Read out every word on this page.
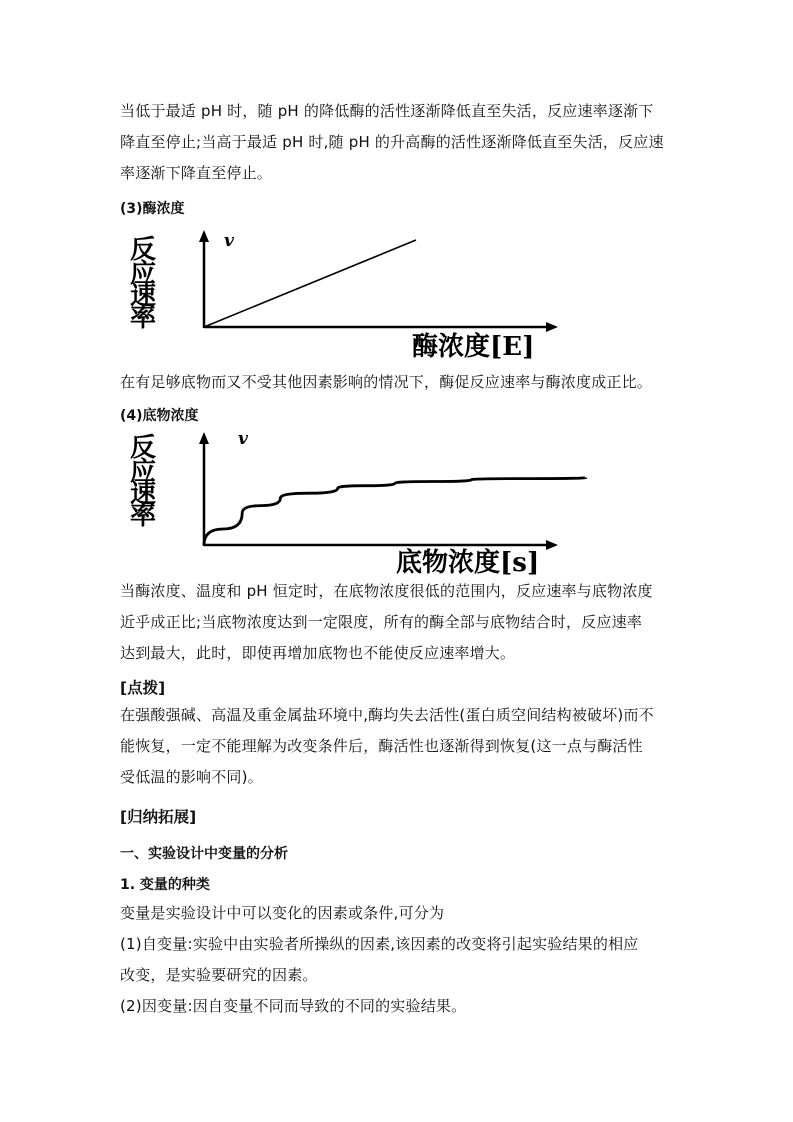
当低于最适 pH 时，随 pH 的降低酶的活性逐渐降低直至失活，反应速率逐渐下
降直至停止;当高于最适 pH 时,随 pH 的升高酶的活性逐渐降低直至失活，反应速
率逐渐下降直至停止。
(3)酶浓度
反
应
速
率
v
酶浓度[E]
在有足够底物而又不受其他因素影响的情况下，酶促反应速率与酶浓度成正比。
(4)底物浓度
反
应
速
率
v
底物浓度[s]
当酶浓度、温度和 pH 恒定时，在底物浓度很低的范围内，反应速率与底物浓度
近乎成正比;当底物浓度达到一定限度，所有的酶全部与底物结合时，反应速率
达到最大，此时，即使再增加底物也不能使反应速率增大。
[点拨]
在强酸强碱、高温及重金属盐环境中,酶均失去活性(蛋白质空间结构被破坏)而不
能恢复，一定不能理解为改变条件后，酶活性也逐渐得到恢复(这一点与酶活性
受低温的影响不同)。
[归纳拓展]
一、实验设计中变量的分析
1. 变量的种类
变量是实验设计中可以变化的因素或条件,可分为
(1)自变量:实验中由实验者所操纵的因素,该因素的改变将引起实验结果的相应
改变，是实验要研究的因素。
(2)因变量:因自变量不同而导致的不同的实验结果。
